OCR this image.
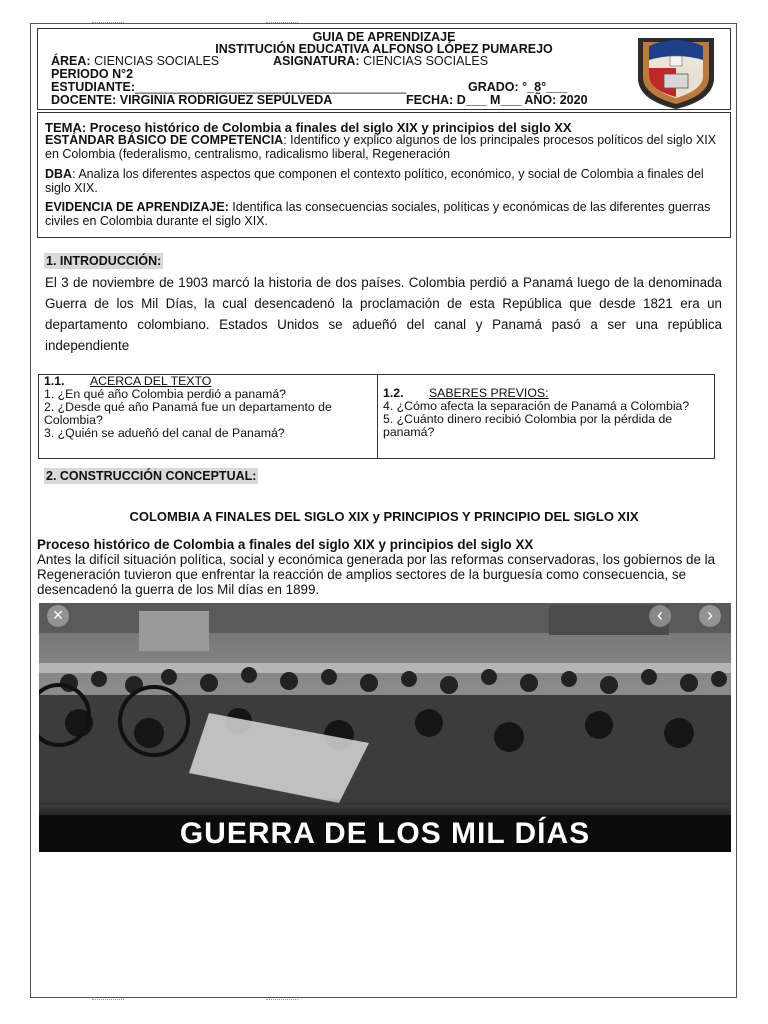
GUIA DE APRENDIZAJE
INSTITUCIÓN EDUCATIVA ALFONSO LÓPEZ PUMAREJO
ÁREA: CIENCIAS SOCIALES	ASIGNATURA: CIENCIAS SOCIALES
PERIODO N°2
ESTUDIANTE:_______________________________________	GRADO: °_8°___
DOCENTE: VIRGINIA RODRÍGUEZ SEPÚLVEDA	FECHA: D___ M___ AÑO: 2020
TEMA: Proceso histórico de Colombia a finales del siglo XIX y principios del siglo XX
ESTÁNDAR BÁSICO DE COMPETENCIA: Identifico y explico algunos de los principales procesos políticos del siglo XIX en Colombia (federalismo, centralismo, radicalismo liberal, Regeneración
DBA: Analiza los diferentes aspectos que componen el contexto político, económico, y social de Colombia a finales del siglo XIX.
EVIDENCIA DE APRENDIZAJE: Identifica las consecuencias sociales, políticas y económicas de las diferentes guerras civiles en Colombia durante el siglo XIX.
1. INTRODUCCIÓN:
El 3 de noviembre de 1903 marcó la historia de dos países. Colombia perdió a Panamá luego de la denominada Guerra de los Mil Días, la cual desencadenó la proclamación de esta República que desde 1821 era un departamento colombiano. Estados Unidos se adueñó del canal y Panamá pasó a ser una república independiente
1.1. ACERCA DEL TEXTO
1. ¿En qué año Colombia perdió a panamá?
2. ¿Desde qué año Panamá fue un departamento de Colombia?
3. ¿Quién se adueñó del canal de Panamá?
1.2. SABERES PREVIOS:
4. ¿Cómo afecta la separación de Panamá a Colombia?
5. ¿Cuánto dinero recibió Colombia por la pérdida de panamá?
2. CONSTRUCCIÓN CONCEPTUAL:
COLOMBIA A FINALES DEL SIGLO XIX y PRINCIPIOS Y PRINCIPIO DEL SIGLO XIX
Proceso histórico de Colombia a finales del siglo XIX y principios del siglo XX
Antes la difícil situación política, social y económica generada por las reformas conservadoras, los gobiernos de la Regeneración tuvieron que enfrentar la reacción de amplios sectores de la burguesía como consecuencia, se desencadenó la guerra de los Mil días en 1899.
GUERRA DE LOS MIL DÍAS
×	‹	›
